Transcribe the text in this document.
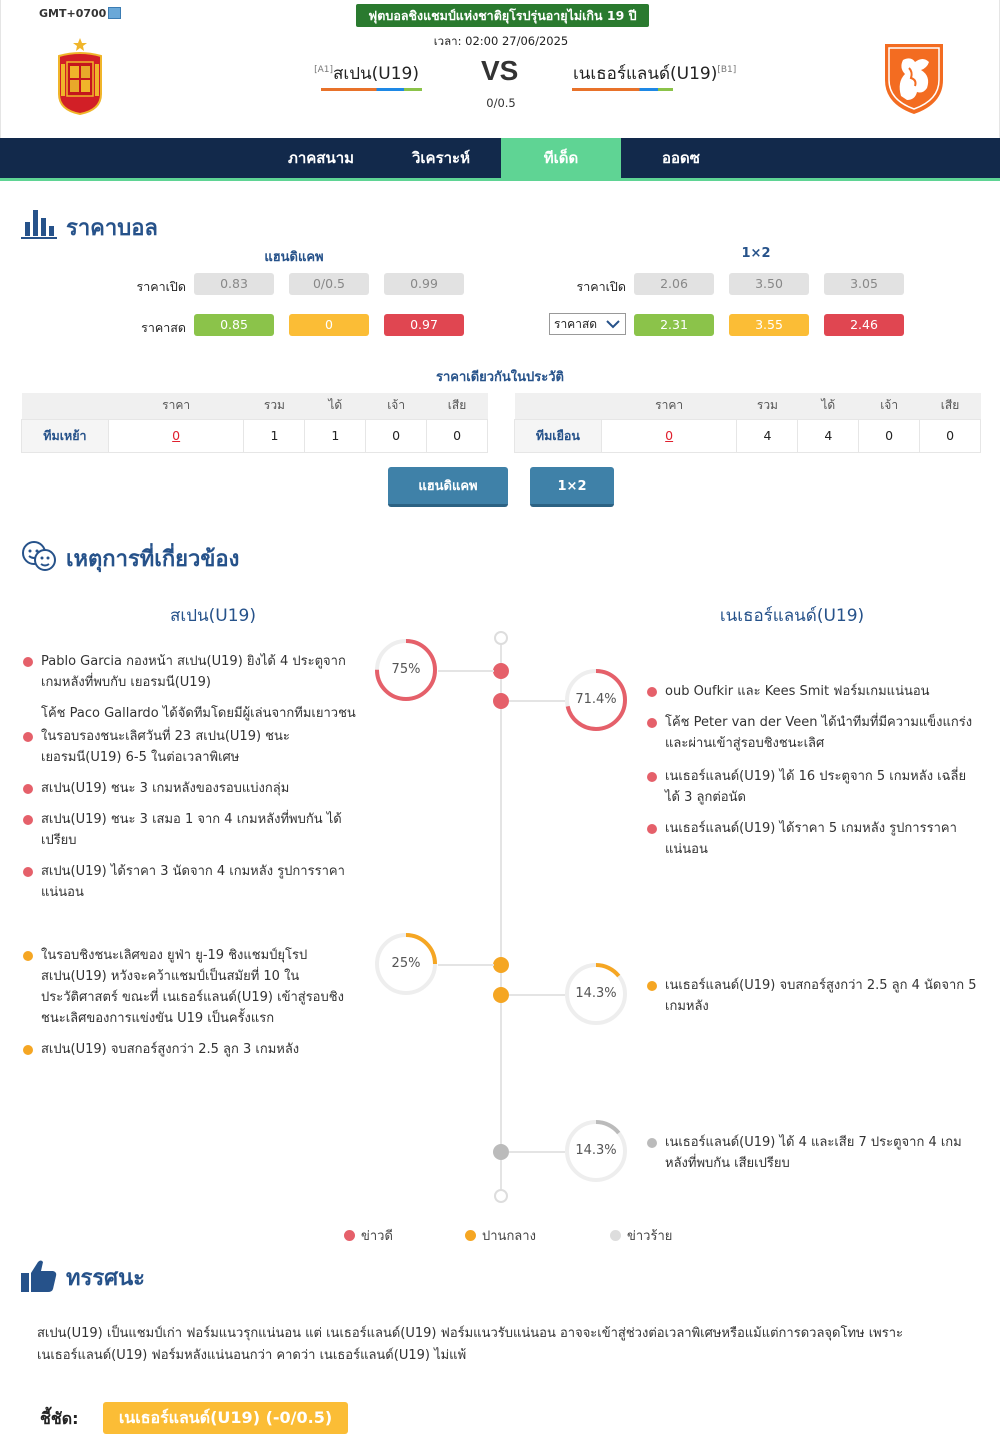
GMT+0700	ฟุตบอลชิงแชมป์แห่งชาติยุโรปรุ่นอายุไม่เกิน 19 ปี
เวลา: 02:00 27/06/2025
[A1]สเปน(U19) VS	เนเธอร์แลนด์(U19)[B1]
0/0.5
ภาคสนาม	วิเคราะห์	ทีเด็ด	ออดซ
ราคาบอล
แฮนดิแคพ	1×2
ราคาเปิด	0.83	0/0.5	0.99
ราคาสด	0.85	0	0.97
ราคาเปิด	2.06	3.50	3.05
ราคาสด	2.31	3.55	2.46
ราคาเดียวกันในประวัติ
	ราคา	รวม	ได้	เจ้า	เสีย
ทีมเหย้า	0	1	1	0	0
	ราคา	รวม	ได้	เจ้า	เสีย
ทีมเยือน	0	4	4	0	0
แฮนดิแคพ	1×2
เหตุการที่เกี่ยวข้อง
สเปน(U19)	เนเธอร์แลนด์(U19)
75%
71.4%
25%
14.3%
14.3%
Pablo Garcia กองหน้า สเปน(U19) ยิงได้ 4 ประตูจากเกมหลังที่พบกับ เยอรมนี(U19)
โค้ช Paco Gallardo ได้จัดทีมโดยมีผู้เล่นจากทีมเยาวชน
ในรอบรองชนะเลิศวันที่ 23 สเปน(U19) ชนะเยอรมนี(U19) 6-5 ในต่อเวลาพิเศษ
สเปน(U19) ชนะ 3 เกมหลังของรอบแบ่งกลุ่ม
สเปน(U19) ชนะ 3 เสมอ 1 จาก 4 เกมหลังที่พบกัน ได้เปรียบ
สเปน(U19) ได้ราคา 3 นัดจาก 4 เกมหลัง รูปการราคาแน่นอน
ในรอบชิงชนะเลิศของ ยูฟ่า ยู-19 ชิงแชมป์ยุโรป สเปน(U19) หวังจะคว้าแชมป์เป็นสมัยที่ 10 ในประวัติศาสตร์ ขณะที่ เนเธอร์แลนด์(U19) เข้าสู่รอบชิงชนะเลิศของการแข่งขัน U19 เป็นครั้งแรก
สเปน(U19) จบสกอร์สูงกว่า 2.5 ลูก 3 เกมหลัง
oub Oufkir และ Kees Smit ฟอร์มเกมแน่นอน
โค้ช Peter van der Veen ได้นำทีมที่มีความแข็งแกร่งและผ่านเข้าสู่รอบชิงชนะเลิศ
เนเธอร์แลนด์(U19) ได้ 16 ประตูจาก 5 เกมหลัง เฉลี่ยได้ 3 ลูกต่อนัด
เนเธอร์แลนด์(U19) ได้ราคา 5 เกมหลัง รูปการราคาแน่นอน
เนเธอร์แลนด์(U19) จบสกอร์สูงกว่า 2.5 ลูก 4 นัดจาก 5 เกมหลัง
เนเธอร์แลนด์(U19) ได้ 4 และเสีย 7 ประตูจาก 4 เกมหลังที่พบกัน เสียเปรียบ
ข่าวดี	ปานกลาง	ข่าวร้าย
ทรรศนะ
สเปน(U19) เป็นแชมป์เก่า ฟอร์มแนวรุกแน่นอน แต่ เนเธอร์แลนด์(U19) ฟอร์มแนวรับแน่นอน อาจจะเข้าสู่ช่วงต่อเวลาพิเศษหรือแม้แต่การดวลจุดโทษ เพราะ เนเธอร์แลนด์(U19) ฟอร์มหลังแน่นอนกว่า คาดว่า เนเธอร์แลนด์(U19) ไม่แพ้
ชี้ชัด:	เนเธอร์แลนด์(U19) (-0/0.5)
